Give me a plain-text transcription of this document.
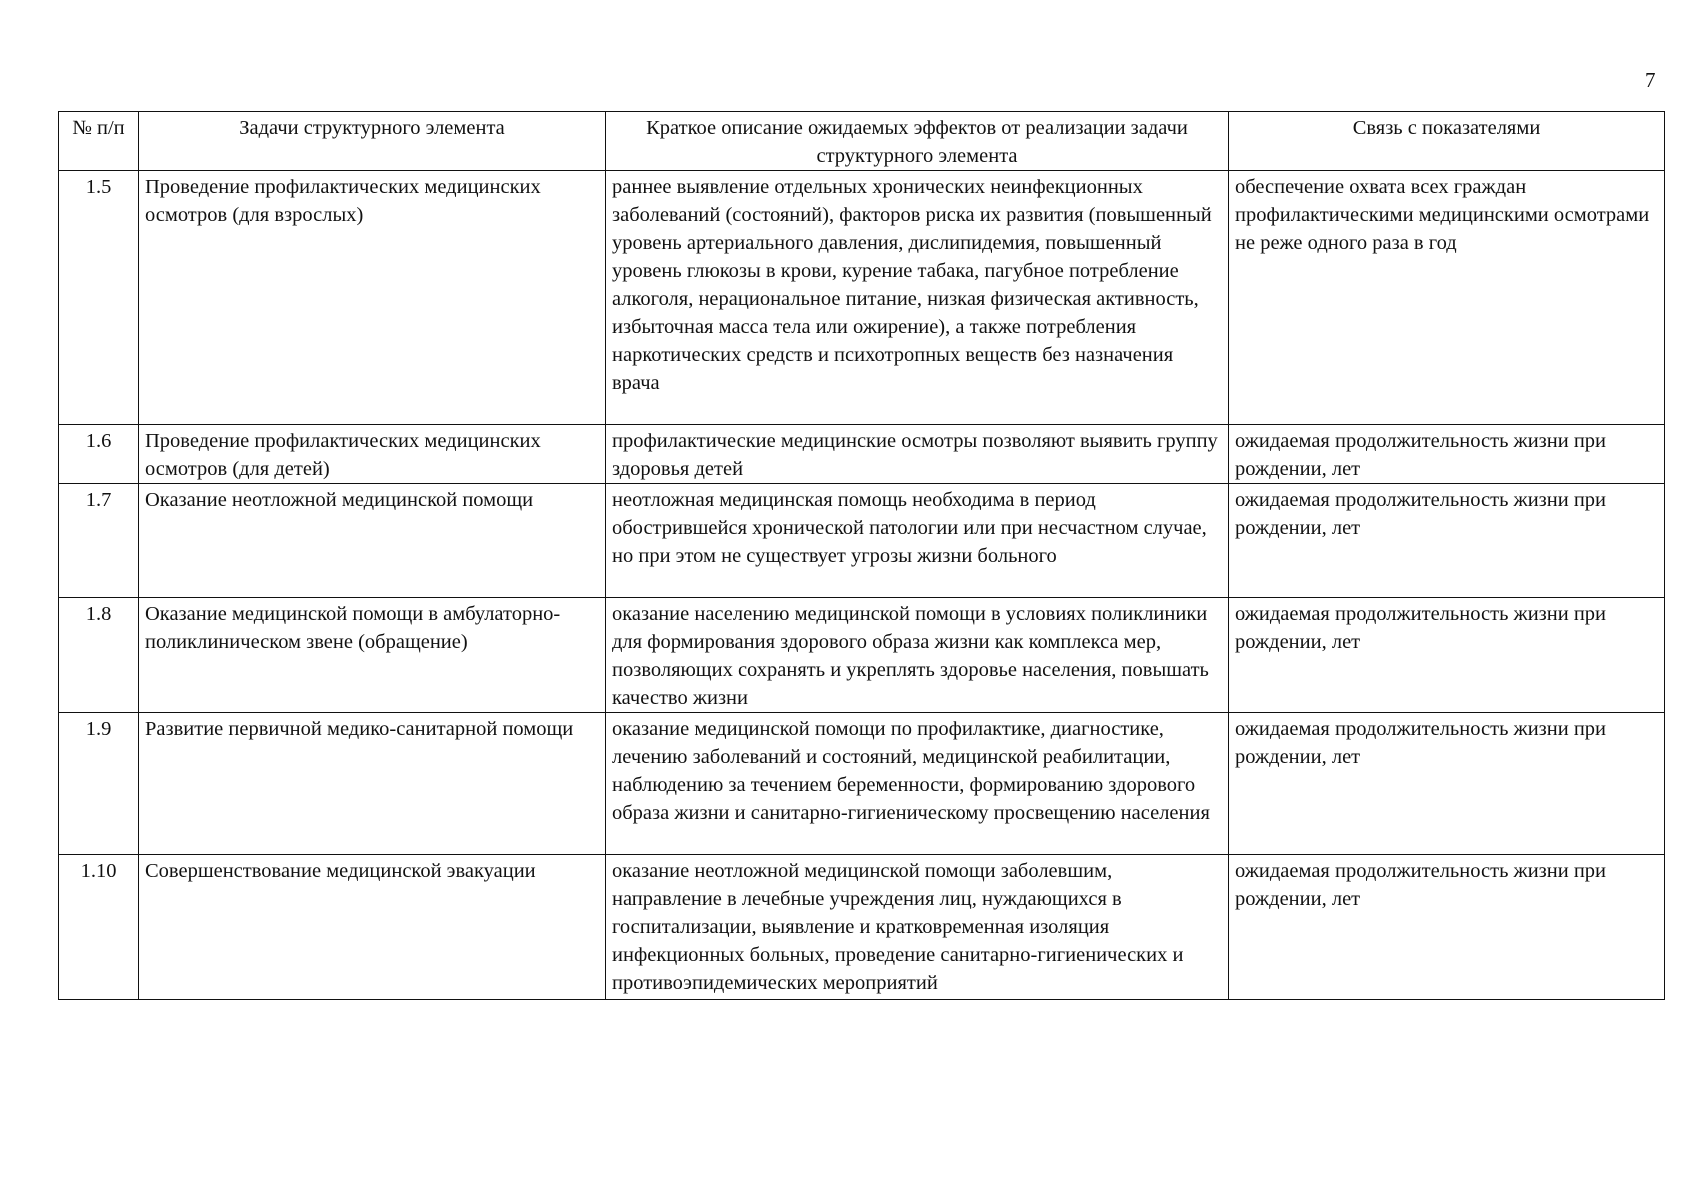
7
№ п/п	Задачи структурного элемента	Краткое описание ожидаемых эффектов от реализации задачи структурного элемента	Связь с показателями
1.5	Проведение профилактических медицинских осмотров (для взрослых)	раннее выявление отдельных хронических неинфекционных заболеваний (состояний), факторов риска их развития (повышенный уровень артериального давления, дислипидемия, повышенный уровень глюкозы в крови, курение табака, пагубное потребление алкоголя, нерациональное питание, низкая физическая активность, избыточная масса тела или ожирение), а также потребления наркотических средств и психотропных веществ без назначения врача	обеспечение охвата всех граждан профилактическими медицинскими осмотрами не реже одного раза в год
1.6	Проведение профилактических медицинских осмотров (для детей)	профилактические медицинские осмотры позволяют выявить группу здоровья детей	ожидаемая продолжительность жизни при рождении, лет
1.7	Оказание неотложной медицинской помощи	неотложная медицинская помощь необходима в период обострившейся хронической патологии или при несчастном случае, но при этом не существует угрозы жизни больного	ожидаемая продолжительность жизни при рождении, лет
1.8	Оказание медицинской помощи в амбулаторно-поликлиническом звене (обращение)	оказание населению медицинской помощи в условиях поликлиники для формирования здорового образа жизни как комплекса мер, позволяющих сохранять и укреплять здоровье населения, повышать качество жизни	ожидаемая продолжительность жизни при рождении, лет
1.9	Развитие первичной медико-санитарной помощи	оказание медицинской помощи по профилактике, диагностике, лечению заболеваний и состояний, медицинской реабилитации, наблюдению за течением беременности, формированию здорового образа жизни и санитарно-гигиеническому просвещению населения	ожидаемая продолжительность жизни при рождении, лет
1.10	Совершенствование медицинской эвакуации	оказание неотложной медицинской помощи заболевшим, направление в лечебные учреждения лиц, нуждающихся в госпитализации, выявление и кратковременная изоляция инфекционных больных, проведение санитарно-гигиенических и противоэпидемических мероприятий	ожидаемая продолжительность жизни при рождении, лет
